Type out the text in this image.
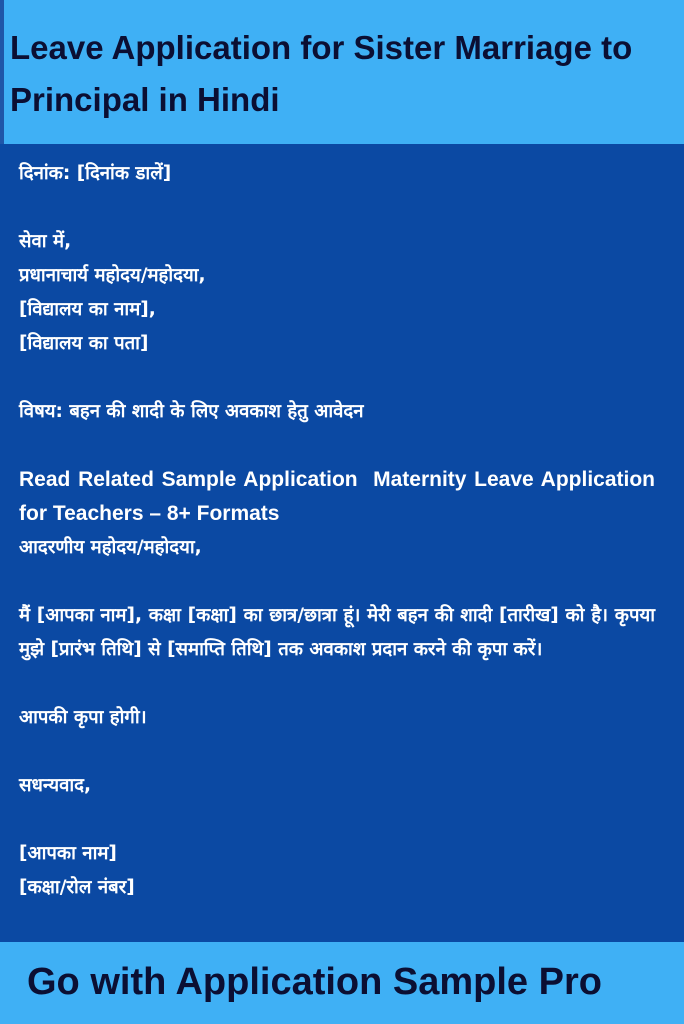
Leave Application for Sister Marriage to Principal in Hindi

दिनांक: [दिनांक डालें]

सेवा में,

प्रधानाचार्य महोदय/महोदया,

[विद्यालय का नाम],

[विद्यालय का पता]

विषय: बहन की शादी के लिए अवकाश हेतु आवेदन

Read Related Sample Application Maternity Leave Application for Teachers – 8+ Formats

आदरणीय महोदय/महोदया,

मैं [आपका नाम], कक्षा [कक्षा] का छात्र/छात्रा हूं। मेरी बहन की शादी [तारीख] को है। कृपया मुझे [प्रारंभ तिथि] से [समाप्ति तिथि] तक अवकाश प्रदान करने की कृपा करें।

आपकी कृपा होगी।

सधन्यवाद,

[आपका नाम]

[कक्षा/रोल नंबर]

Go with Application Sample Pro
